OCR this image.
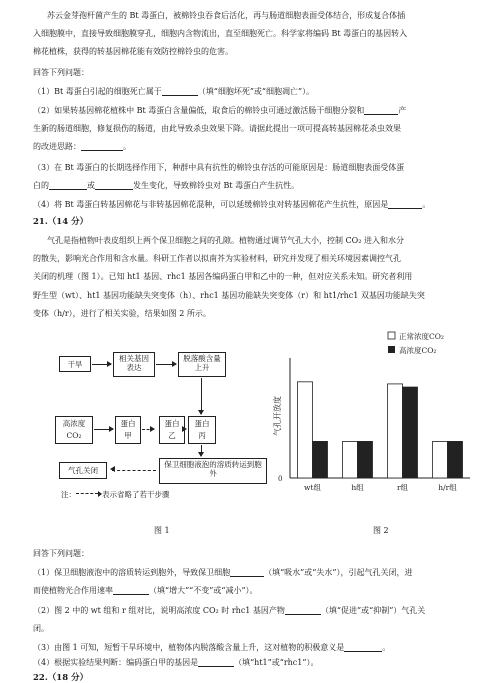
苏云金芽孢杆菌产生的 Bt 毒蛋白，被棉铃虫吞食后活化，再与肠道细胞表面受体结合，形成复合体插

入细胞膜中，直接导致细胞膜穿孔，细胞内含物流出，直至细胞死亡。科学家将编码 Bt 毒蛋白的基因转入

棉花植株，获得的转基因棉花能有效防控棉铃虫的危害。

回答下列问题：

（1）Bt 毒蛋白引起的细胞死亡属于	（填“细胞坏死”或“细胞凋亡”）。

（2）如果转基因棉花植株中 Bt 毒蛋白含量偏低，取食后的棉铃虫可通过激活肠干细胞分裂和	产

生新的肠道细胞，修复损伤的肠道，由此导致杀虫效果下降。请据此提出一项可提高转基因棉花杀虫效果

的改进思路：	。

（3）在 Bt 毒蛋白的长期选择作用下，种群中具有抗性的棉铃虫存活的可能原因是：肠道细胞表面受体蛋

白的	或	发生变化，导致棉铃虫对 Bt 毒蛋白产生抗性。

（4）将 Bt 毒蛋白转基因棉花与非转基因棉花混种，可以延缓棉铃虫对转基因棉花产生抗性，原因是	。

21.（14 分）

气孔是指植物叶表皮组织上两个保卫细胞之间的孔隙。植物通过调节气孔大小，控制 CO₂ 进入和水分

的散失，影响光合作用和含水量。科研工作者以拟南芥为实验材料，研究并发现了相关环境因素调控气孔

关闭的机理（图 1）。已知 ht1 基因、rhc1 基因各编码蛋白甲和乙中的一种，但对应关系未知。研究者利用

野生型（wt）、ht1 基因功能缺失突变体（h）、rhc1 基因功能缺失突变体（r）和 ht1/rhc1 双基因功能缺失突

变体（h/r），进行了相关实验，结果如图 2 所示。

干旱
相关基因表达
脱落酸含量上升
高浓度CO₂
蛋白甲
蛋白乙
蛋白丙
保卫细胞液泡的溶质转运到胞外
气孔关闭
注：	表示省略了若干步骤
图 1
气孔开放度
0
正常浓度CO₂
高浓度CO₂
wt组	h组	r组	h/r组
图 2

回答下列问题：

（1）保卫细胞液泡中的溶质转运到胞外，导致保卫细胞	（填“吸水”或“失水”），引起气孔关闭，进

而使植物光合作用速率	（填“增大”“不变”或“减小”）。

（2）图 2 中的 wt 组和 r 组对比，说明高浓度 CO₂ 时 rhc1 基因产物	（填“促进”或“抑制”）气孔关

闭。

（3）由图 1 可知，短暂干旱环境中，植物体内脱落酸含量上升，这对植物的积极意义是	。

（4）根据实验结果判断：编码蛋白甲的基因是	（填“ht1”或“rhc1”）。

22.（18 分）
